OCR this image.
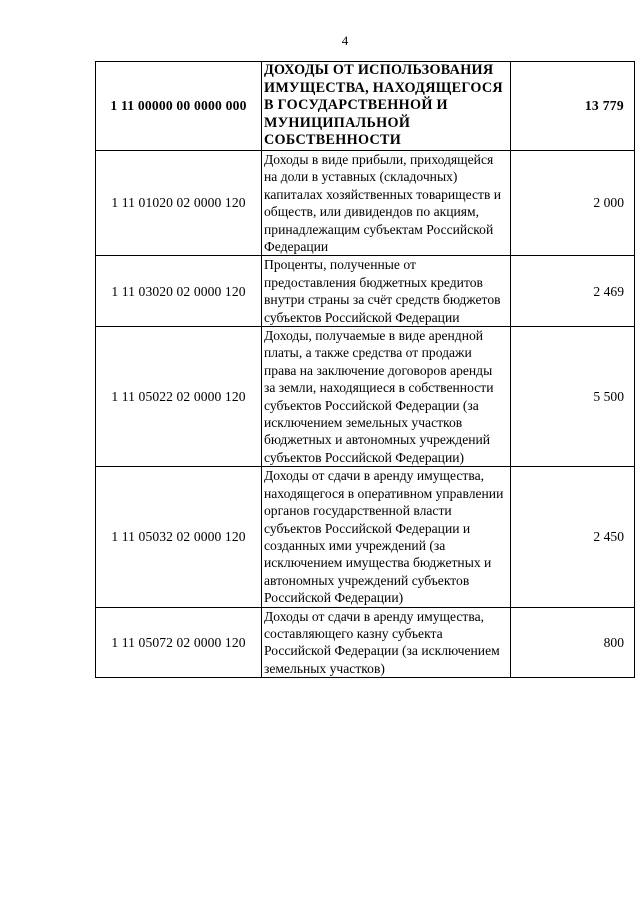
4
1 11 00000 00 0000 000	ДОХОДЫ ОТ ИСПОЛЬЗОВАНИЯ ИМУЩЕСТВА, НАХОДЯЩЕГОСЯ В ГОСУДАРСТВЕННОЙ И МУНИЦИПАЛЬНОЙ СОБСТВЕННОСТИ	13 779
1 11 01020 02 0000 120	Доходы в виде прибыли, приходящейся на доли в уставных (складочных) капиталах хозяйственных товариществ и обществ, или дивидендов по акциям, принадлежащим субъектам Российской Федерации	2 000
1 11 03020 02 0000 120	Проценты, полученные от предоставления бюджетных кредитов внутри страны за счёт средств бюджетов субъектов Российской Федерации	2 469
1 11 05022 02 0000 120	Доходы, получаемые в виде арендной платы, а также средства от продажи права на заключение договоров аренды за земли, находящиеся в собственности субъектов Российской Федерации (за исключением земельных участков бюджетных и автономных учреждений субъектов Российской Федерации)	5 500
1 11 05032 02 0000 120	Доходы от сдачи в аренду имущества, находящегося в оперативном управлении органов государственной власти субъектов Российской Федерации и созданных ими учреждений (за исключением имущества бюджетных и автономных учреждений субъектов Российской Федерации)	2 450
1 11 05072 02 0000 120	Доходы от сдачи в аренду имущества, составляющего казну субъекта Российской Федерации (за исключением земельных участков)	800
